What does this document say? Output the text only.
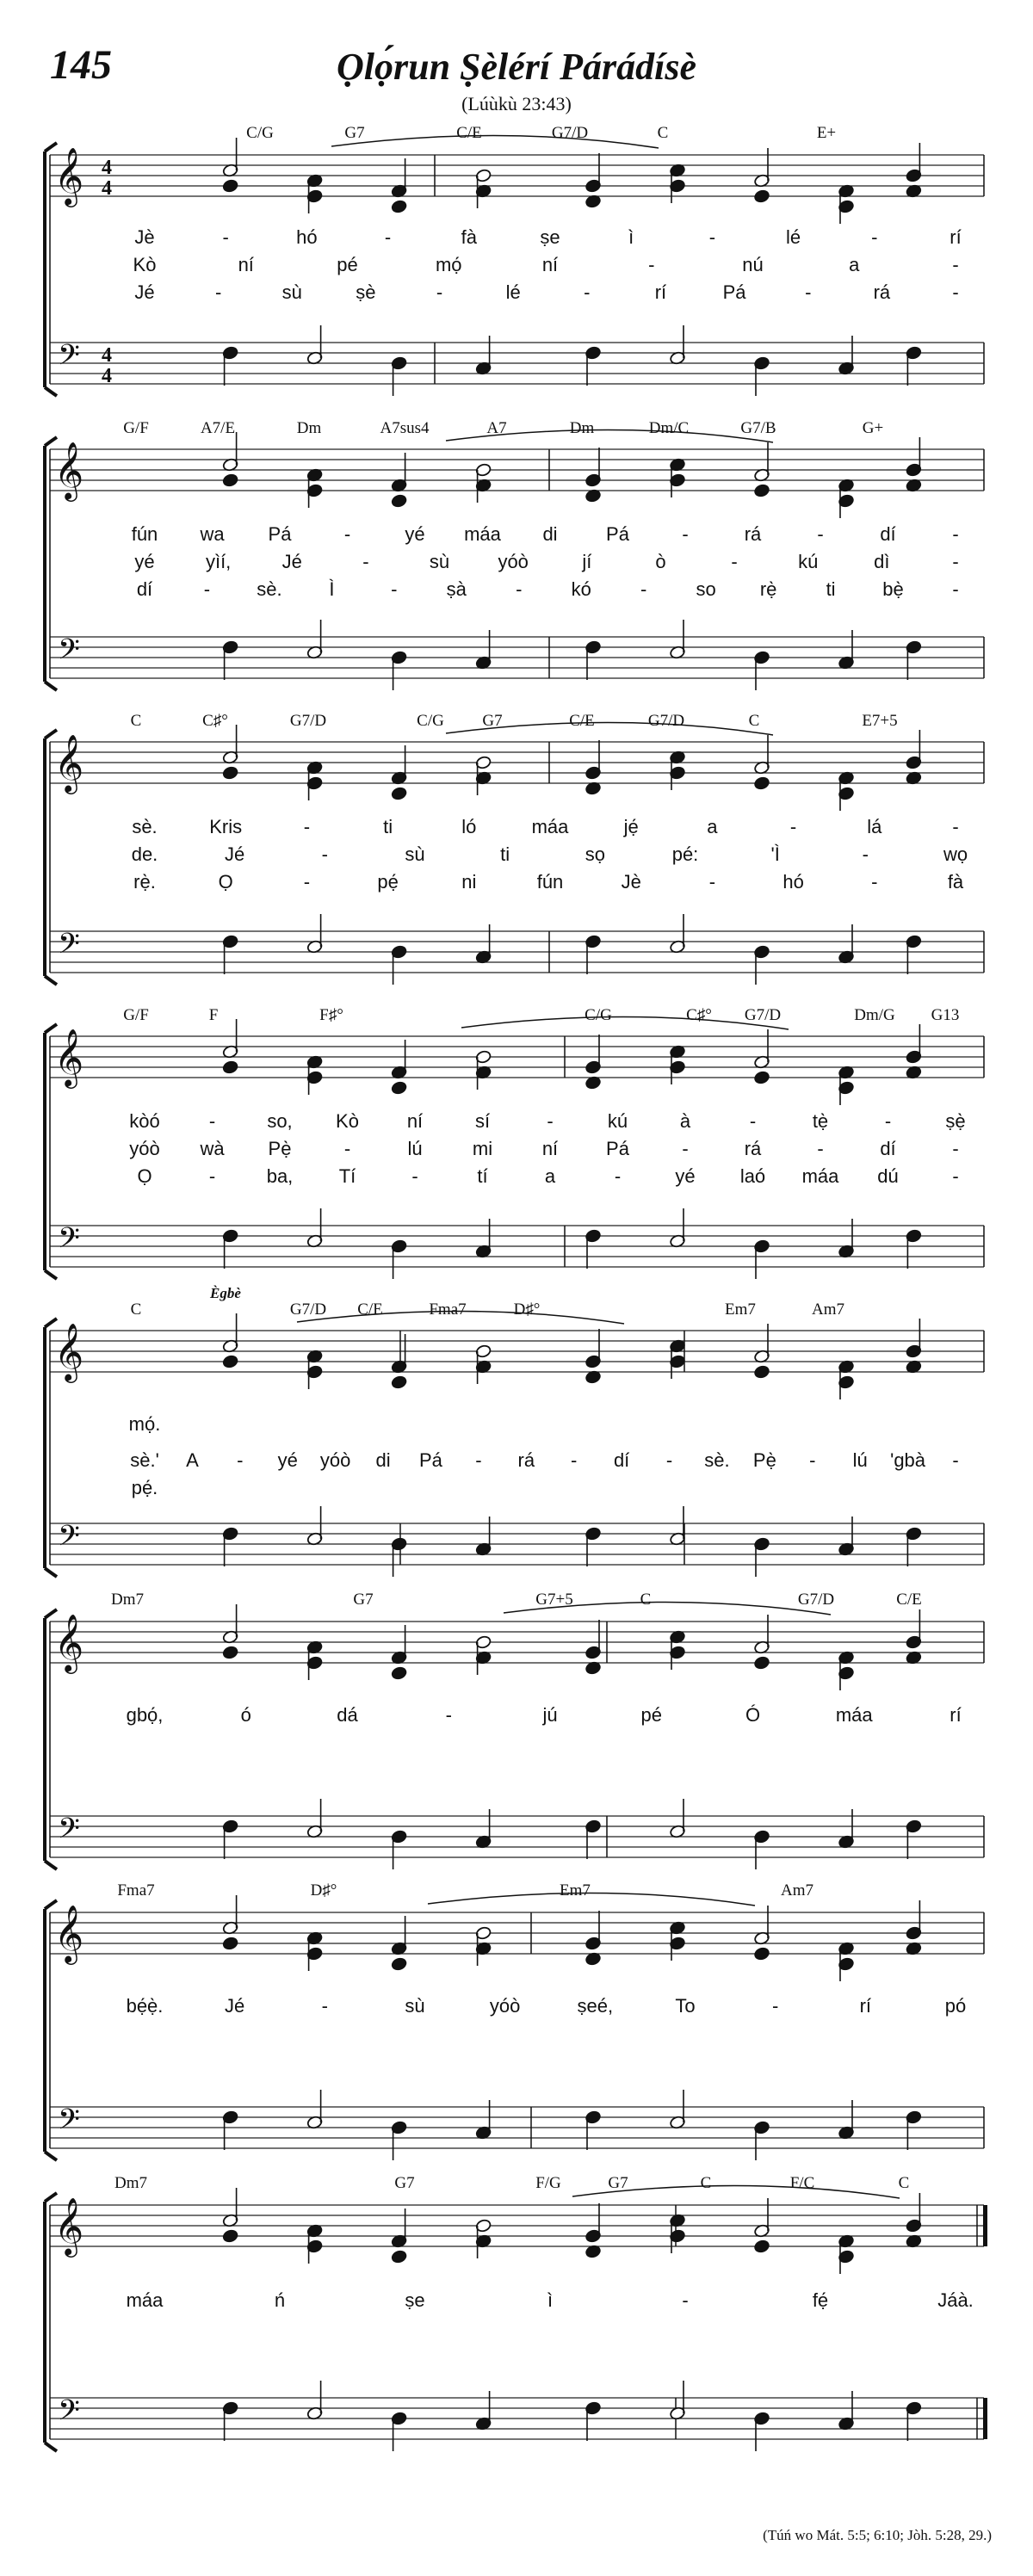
145	Ọlọ́run Ṣèlérí Párádísè
(Lúùkù 23:43)
𝄞
𝄢
4
4
4
4
C/G	G7	C/E	G7/D	C	E+
Jè	-	hó	-	fà	ṣe	ì	-	lé	-	rí
Kò	ní	pé	mọ́	ní	-	nú	a	-
Jé	-	sù	ṣè	-	lé	-	rí	Pá	-	rá	-
𝄞
𝄢
G/F	A7/E	Dm	A7sus4	A7	Dm	Dm/C	G7/B	G+
fún wa Pá	-	yé máa di	Pá	-	rá	-	dí	-
yé	yìí,	Jé	-	sù	yóò	jí	ò	-	kú	dì	-
dí	- sè. Ì	-	ṣà	-	kó	-	so rẹ̀	ti bẹ̀	-
𝄞
𝄢
C	C♯°	G7/D	C/G G7	C/E	G7/D	C	E7+5
sè.	Kris	-	ti	ló	máa	jẹ́	a	-	lá	-
de.	Jé	-	sù	ti	sọ	pé:	'Ì	-	wọ
rẹ̀.	Ọ	-	pẹ́	ni	fún	Jè	-	hó	-	fà
𝄞
𝄢
G/F	F	F♯°	C/G	C♯° G7/D	Dm/G G13
kòó	-	so, Kò	ní	sí	-	kú	à	-	tẹ̀	-	ṣẹ̀
yóò wà Pẹ̀	-	lú	mi	ní	Pá	-	rá	-	dí	-
Ọ	-	ba, Tí	-	tí	a	-	yé laó máa dú	-
𝄞
𝄢
C	G7/D C/E	Fma7	D♯°	Em7	Am7
Ègbè
mọ́.
sè.' A - yé yóò di Pá - rá - dí - sè. Pẹ̀ - lú 'gbà -
pẹ́.
𝄞
𝄢
Dm7	G7	G7+5	C	G7/D	C/E
gbọ́,	ó	dá	-	jú	pé	Ó	máa	rí
𝄞
𝄢
Fma7	D♯°	Em7	Am7
bẹ́ẹ̀.	Jé	-	sù	yóò	ṣeé,	To	-	rí	pó
𝄞
𝄢
Dm7	G7	F/G	G7	C	F/C	C
máa	ń	ṣe	ì	-	fẹ́	Jáà.
(Túń wo Mát. 5:5; 6:10; Jòh. 5:28, 29.)
